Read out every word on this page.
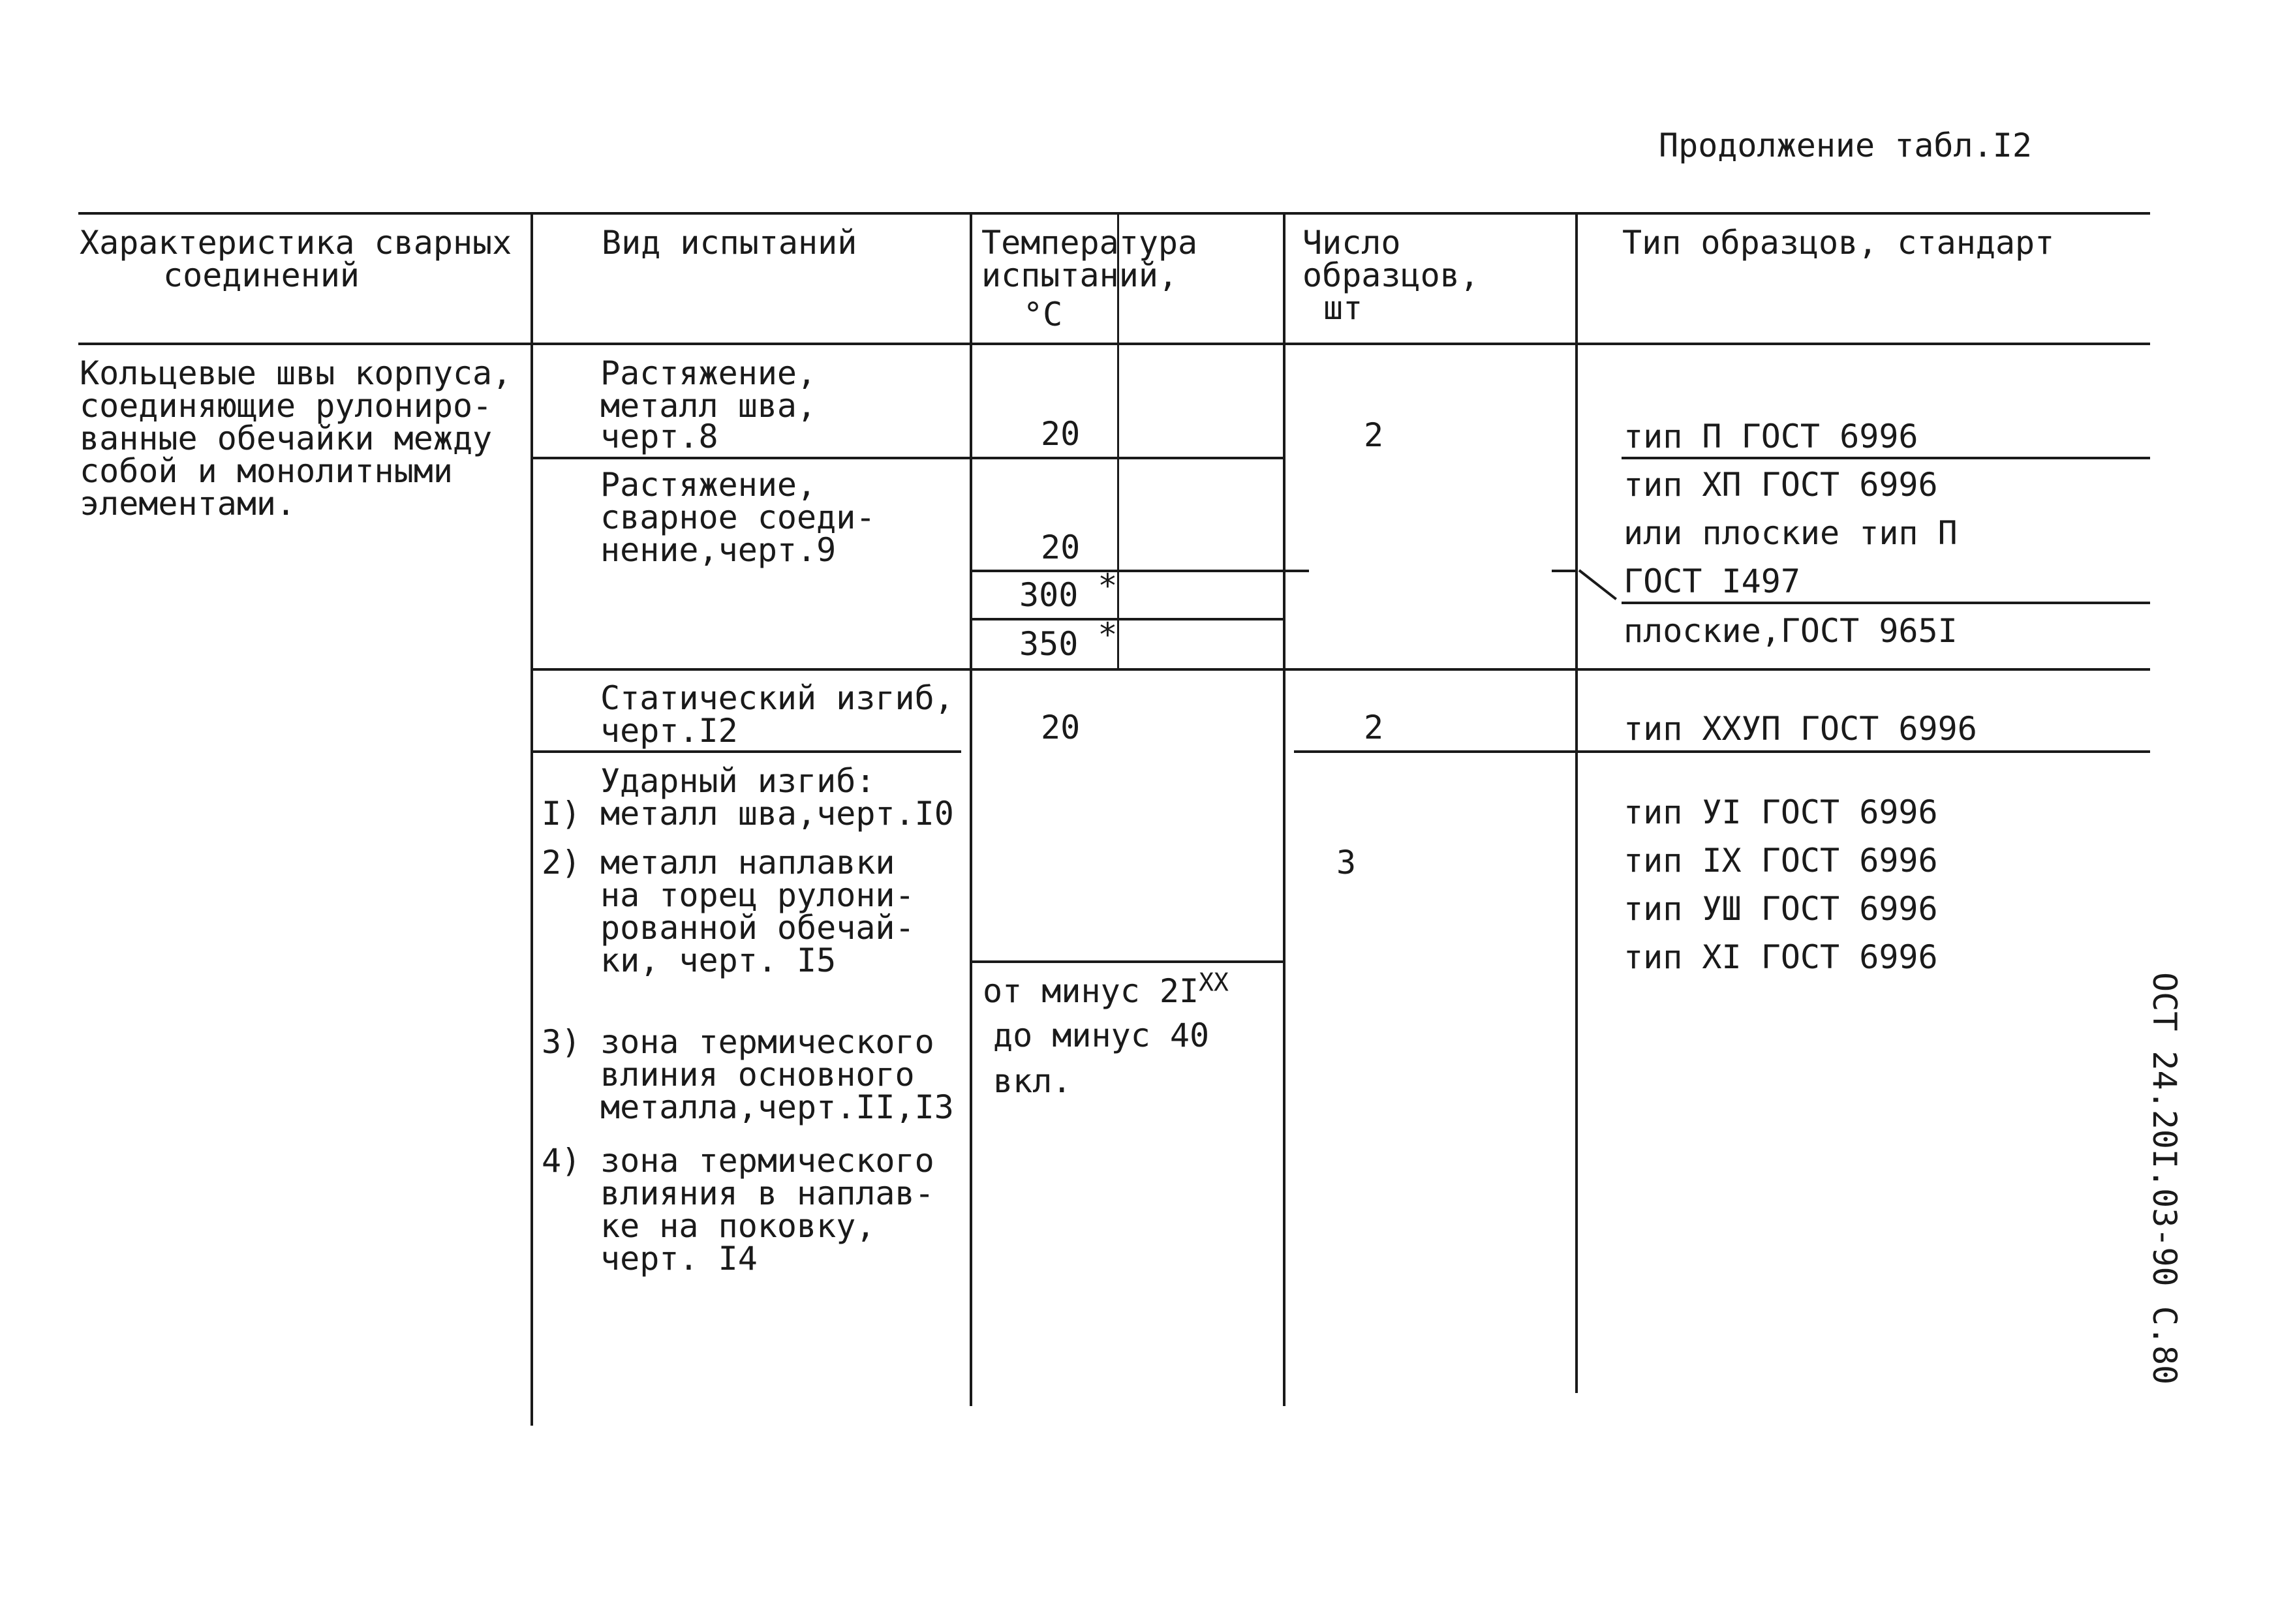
Продолжение табл.I2
Характеристика сварных
соединений
Вид испытаний	Температура
испытаний,
°C
Число
образцов,
шт
Тип образцов, стандарт
Кольцевые швы корпуса,
соединяющие рулониро-
ванные обечайки между
собой и монолитными
элементами.
Растяжение,
металл шва,
черт.8
Растяжение,
сварное соеди-
нение,черт.9
Статический изгиб,
черт.I2
Ударный изгиб:
I) металл шва,черт.I0
2) металл наплавки
на торец рулони-
рованной обечай-
ки, черт. I5
3) зона термического
влиния основного
металла,черт.II,I3
4) зона термического
влияния в наплав-
ке на поковку,
черт. I4
20
20
300 *
350 *
20
от минус $2I^{XX}$
до минус 40
вкл.
2
2
3
тип П ГОСТ 6996
тип ХП ГОСТ 6996
или плоские тип П
ГОСТ I497
плоские,ГОСТ 965I
тип ХХУП ГОСТ 6996
тип УI ГОСТ 6996
тип IХ ГОСТ 6996
тип УШ ГОСТ 6996
тип ХI ГОСТ 6996
ОСТ 24.20I.03-90 С.80
